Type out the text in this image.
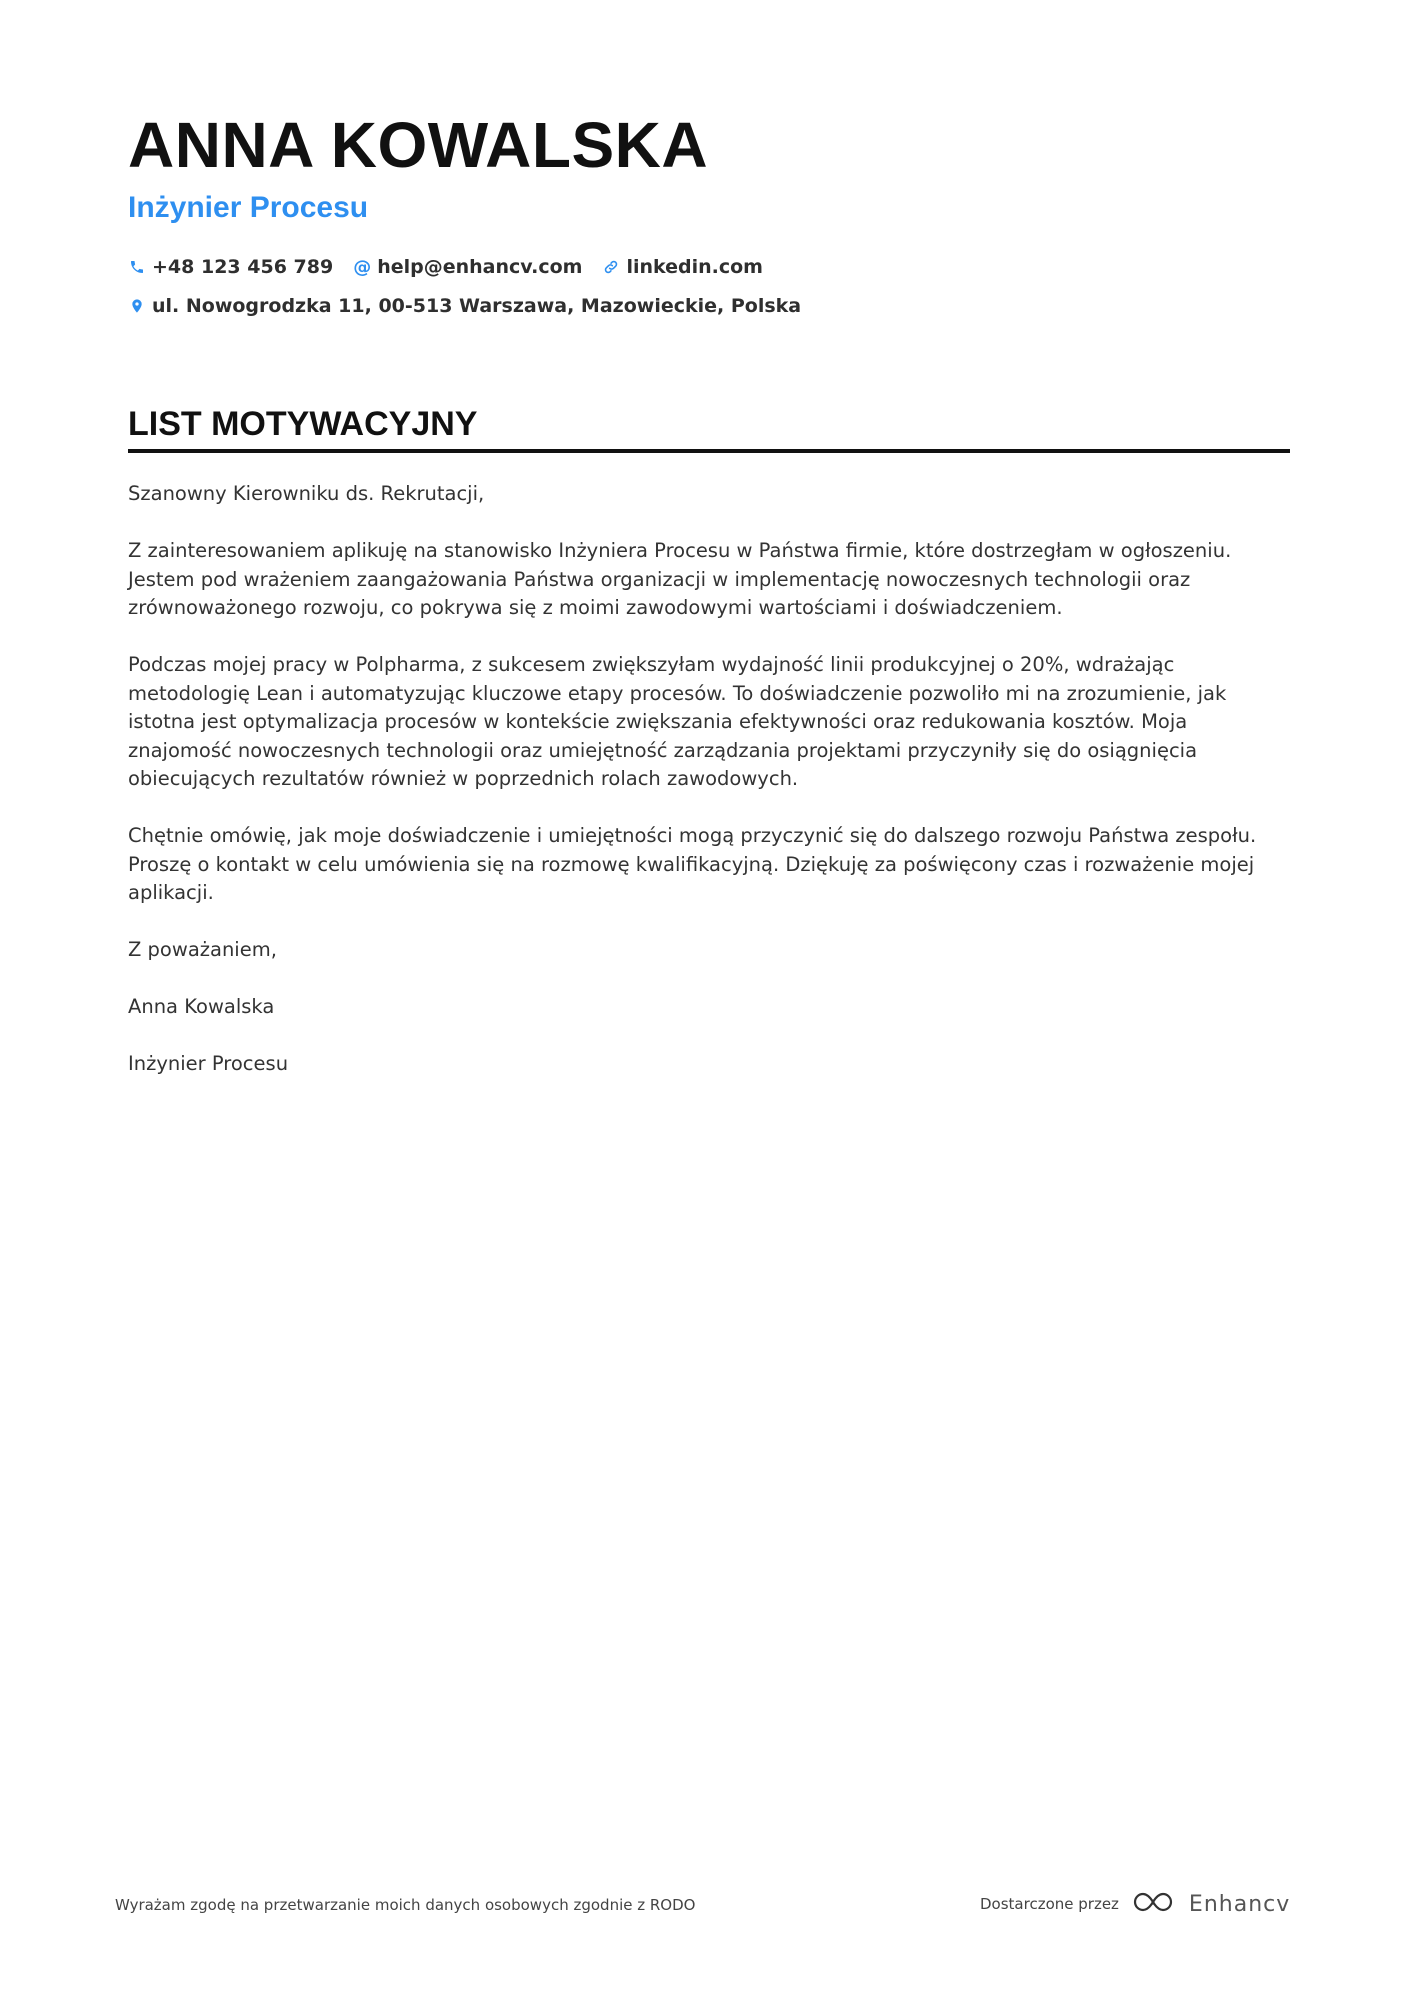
ANNA KOWALSKA
Inżynier Procesu
+48 123 456 789 @ help@enhancv.com linkedin.com
ul. Nowogrodzka 11, 00-513 Warszawa, Mazowieckie, Polska
LIST MOTYWACYJNY

Szanowny Kierowniku ds. Rekrutacji,

Z zainteresowaniem aplikuję na stanowisko Inżyniera Procesu w Państwa firmie, które dostrzegłam w ogłoszeniu. Jestem pod wrażeniem zaangażowania Państwa organizacji w implementację nowoczesnych technologii oraz zrównoważonego rozwoju, co pokrywa się z moimi zawodowymi wartościami i doświadczeniem.

Podczas mojej pracy w Polpharma, z sukcesem zwiększyłam wydajność linii produkcyjnej o 20%, wdrażając metodologię Lean i automatyzując kluczowe etapy procesów. To doświadczenie pozwoliło mi na zrozumienie, jak istotna jest optymalizacja procesów w kontekście zwiększania efektywności oraz redukowania kosztów. Moja znajomość nowoczesnych technologii oraz umiejętność zarządzania projektami przyczyniły się do osiągnięcia obiecujących rezultatów również w poprzednich rolach zawodowych.

Chętnie omówię, jak moje doświadczenie i umiejętności mogą przyczynić się do dalszego rozwoju Państwa zespołu. Proszę o kontakt w celu umówienia się na rozmowę kwalifikacyjną. Dziękuję za poświęcony czas i rozważenie mojej aplikacji.

Z poważaniem,

Anna Kowalska

Inżynier Procesu

Wyrażam zgodę na przetwarzanie moich danych osobowych zgodnie z RODO	Dostarczone przez	Enhancv
